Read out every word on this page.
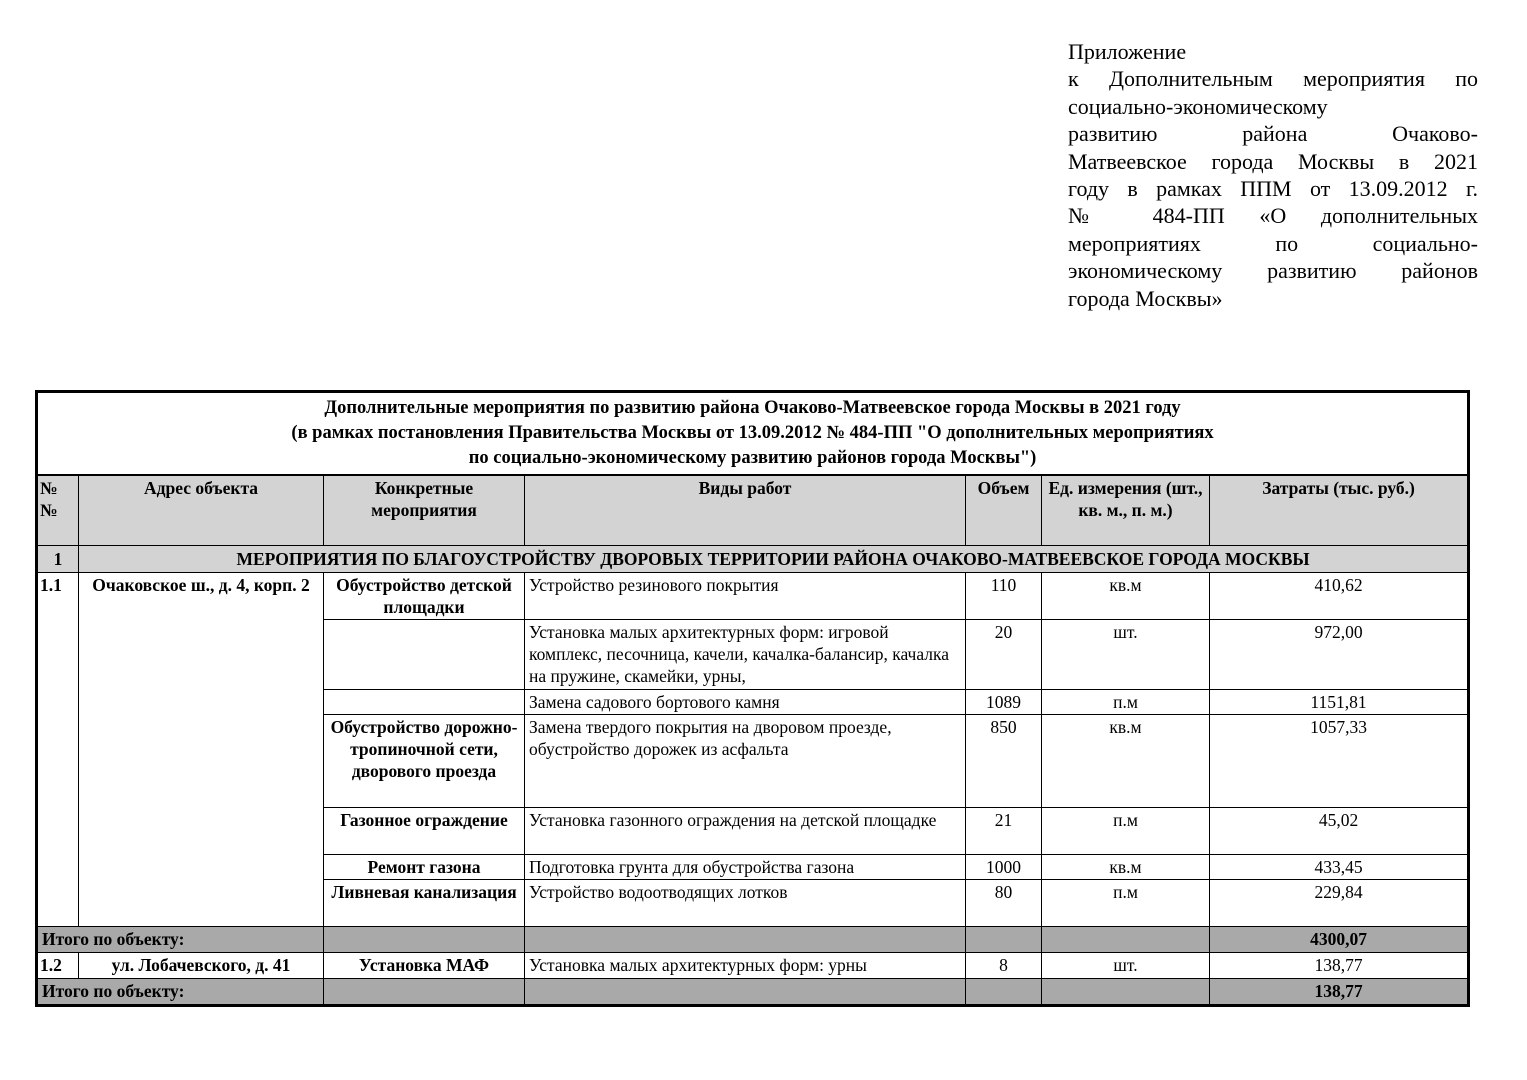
Приложение
к Дополнительным мероприятия по
социально-экономическому
развитию района Очаково-
Матвеевское города Москвы в 2021
году в рамках ППМ от 13.09.2012 г.
№ 484-ПП «О дополнительных
мероприятиях по социально-
экономическому развитию районов
города Москвы»
Дополнительные мероприятия по развитию района Очаково-Матвеевское города Москвы в 2021 году
(в рамках постановления Правительства Москвы от 13.09.2012 № 484-ПП "О дополнительных мероприятиях
по социально-экономическому развитию районов города Москвы")						

№ №	Адрес объекта	Конкретные мероприятия	Виды работ	Объем	Ед. измерения (шт., кв. м., п. м.)	Затраты (тыс. руб.)
1	МЕРОПРИЯТИЯ ПО БЛАГОУСТРОЙСТВУ ДВОРОВЫХ ТЕРРИТОРИИ РАЙОНА ОЧАКОВО-МАТВЕЕВСКОЕ ГОРОДА МОСКВЫ					
1.1	Очаковское ш., д. 4, корп. 2	Обустройство детской площадки	Устройство резинового покрытия	110	кв.м	410,62
			Установка малых архитектурных форм: игровой комплекс, песочница, качели, качалка-балансир, качалка на пружине, скамейки, урны,	20	шт.	972,00
			Замена садового бортового камня	1089	п.м	1151,81
		Обустройство дорожно-тропиночной сети, дворового проезда	Замена твердого покрытия на дворовом проезде, обустройство дорожек из асфальта	850	кв.м	1057,33
		Газонное ограждение	Установка газонного ограждения на детской площадке	21	п.м	45,02
		Ремонт газона	Подготовка грунта для обустройства газона	1000	кв.м	433,45
		Ливневая канализация	Устройство водоотводящих лотков	80	п.м	229,84
Итого по объекту:						4300,07
1.2	ул. Лобачевского, д. 41	Установка МАФ	Установка малых архитектурных форм: урны	8	шт.	138,77
Итого по объекту:						138,77
